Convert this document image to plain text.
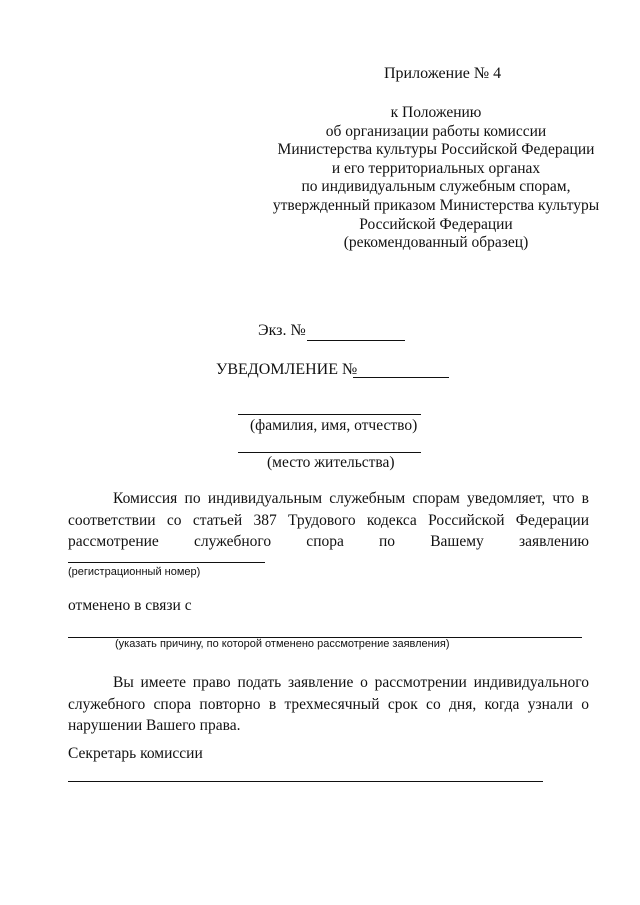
Приложение № 4
к Положению
об организации работы комиссии
Министерства культуры Российской Федерации
и его территориальных органах
по индивидуальным служебным спорам,
утвержденный приказом Министерства культуры
Российской Федерации
(рекомендованный образец)
Экз. №
УВЕДОМЛЕНИЕ №
(фамилия, имя, отчество)
(место жительства)
Комиссия по индивидуальным служебным спорам уведомляет, что в
соответствии со статьей 387 Трудового кодекса Российской Федерации
рассмотрение служебного спора по Вашему заявлению
(регистрационный номер)
отменено в связи с
(указать причину, по которой отменено рассмотрение заявления)
Вы имеете право подать заявление о рассмотрении индивидуального
служебного спора повторно в трехмесячный срок со дня, когда узнали о
нарушении Вашего права.
Секретарь комиссии
